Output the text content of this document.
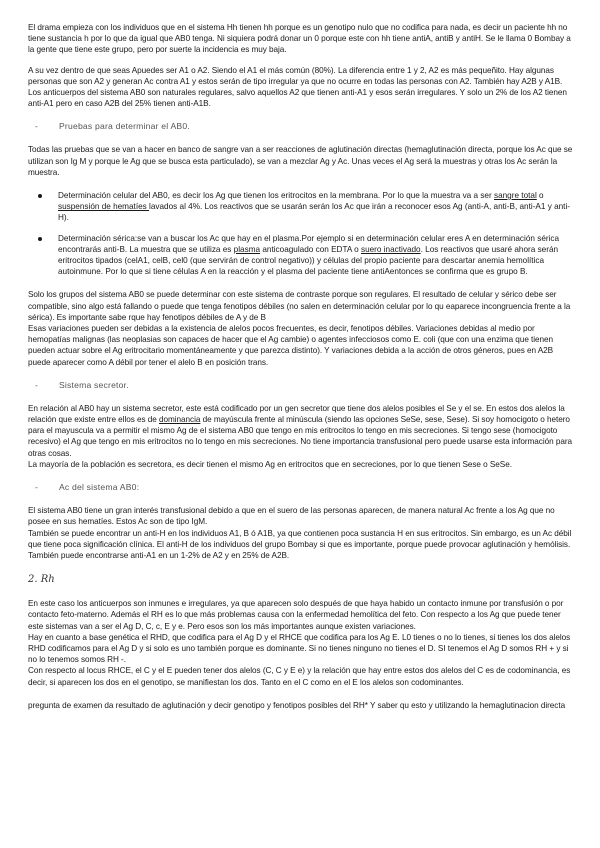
El drama empieza con los individuos que en el sistema Hh tienen hh porque es un genotipo nulo que no codifica para nada, es decir un paciente hh no tiene sustancia h por lo que da igual que AB0 tenga. Ni siquiera podrá donar un 0 porque este con hh tiene antiA, antiB y antiH. Se le llama 0 Bombay a la gente que tiene este grupo, pero por suerte la incidencia es muy baja.

A su vez dentro de que seas Apuedes ser A1 o A2. Siendo el A1 el más común (80%). La diferencia entre 1 y 2, A2 es más pequeñito. Hay algunas personas que son A2 y generan Ac contra A1 y estos serán de tipo irregular ya que no ocurre en todas las personas con A2. También hay A2B y A1B. Los anticuerpos del sistema AB0 son naturales regulares, salvo aquellos A2 que tienen anti-A1 y esos serán irregulares. Y solo un 2% de los A2 tienen anti-A1 pero en caso A2B del 25% tienen anti-A1B.

-	Pruebas para determinar el AB0.

Todas las pruebas que se van a hacer en banco de sangre van a ser reacciones de aglutinación directas (hemaglutinación directa, porque los Ac que se utilizan son Ig M y porque le Ag que se busca esta particulado), se van a mezclar Ag y Ac. Unas veces el Ag será la muestras y otras los Ac serán la muestra.

Determinación celular del AB0, es decir los Ag que tienen los eritrocitos en la membrana. Por lo que la muestra va a ser sangre total o suspensión de hematíes lavados al 4%. Los reactivos que se usarán serán los Ac que irán a reconocer esos Ag (anti-A, anti-B, anti-A1 y anti-H).
Determinación sérica:se van a buscar los Ac que hay en el plasma.Por ejemplo si en determinación celular eres A en determinación sérica encontrarás anti-B. La muestra que se utiliza es plasma anticoagulado con EDTA o suero inactivado. Los reactivos que usaré ahora serán eritrocitos tipados (celA1, celB, cel0 (que servirán de control negativo)) y células del propio paciente para descartar anemia hemolítica autoinmune. Por lo que si tiene células A en la reacción y el plasma del paciente tiene antiAentonces se confirma que es grupo B.

Solo los grupos del sistema AB0 se puede determinar con este sistema de contraste porque son regulares. El resultado de celular y sérico debe ser compatible, sino algo está fallando o puede que tenga fenotipos débiles (no salen en determinación celular por lo qu eaparece incongruencia frente a la sérica). Es importante sabe rque hay fenotipos débiles de A y de B

Esas variaciones pueden ser debidas a la existencia de alelos pocos frecuentes, es decir, fenotipos débiles. Variaciones debidas al medio por hemopatías malignas (las neoplasias son capaces de hacer que el Ag cambie) o agentes infecciosos como E. coli (que con una enzima que tienen pueden actuar sobre el Ag eritrocitario momentáneamente y que parezca distinto). Y variaciones debida a la acción de otros géneros, pues en A2B puede aparecer como A débil por tener el alelo B en posición trans.

-	Sistema secretor.

En relación al AB0 hay un sistema secretor, este está codificado por un gen secretor que tiene dos alelos posibles el Se y el se. En estos dos alelos la relación que existe entre ellos es de dominancia de mayúscula frente al minúscula (siendo las opciones SeSe, sese, Sese). Si soy homocigoto o hetero para el mayuscula va a permitir el mismo Ag de el sistema AB0 que tengo en mis eritrocitos lo tengo en mis secreciones. Si tengo sese (homocigoto recesivo) el Ag que tengo en mis eritrocitos no lo tengo en mis secreciones. No tiene importancia transfusional pero puede usarse esta información para otras cosas.

La mayoría de la población es secretora, es decir tienen el mismo Ag en eritrocitos que en secreciones, por lo que tienen Sese o SeSe.

-	Ac del sistema AB0:

El sistema AB0 tiene un gran interés transfusional debido a que en el suero de las personas aparecen, de manera natural Ac frente a los Ag que no posee en sus hematíes. Estos Ac son de tipo IgM.

También se puede encontrar un anti-H en los individuos A1, B ó A1B, ya que contienen poca sustancia H en sus eritrocitos. Sin embargo, es un Ac débil que tiene poca significación clínica. El anti-H de los individuos del grupo Bombay si que es importante, porque puede provocar aglutinación y hemólisis. También puede encontrarse anti-A1 en un 1-2% de A2 y en 25% de A2B.

2. Rh

En este caso los anticuerpos son inmunes e irregulares, ya que aparecen solo después de que haya habido un contacto inmune por transfusión o por contacto feto-materno. Además el RH es lo que más problemas causa con la enfermedad hemolítica del feto. Con respecto a los Ag que puede tener este sistemas van a ser el Ag D, C, c, E y e. Pero esos son los más importantes aunque existen variaciones.

Hay en cuanto a base genética el RHD, que codifica para el Ag D y el RHCE que codifica para los Ag E. L0 tienes o no lo tienes, si tienes los dos alelos RHD codificamos para el Ag D y si solo es uno también porque es dominante. Si no tienes ninguno no tienes el D. SI tenemos el Ag D somos RH + y si no lo tenemos somos RH -.

Con respecto al locus RHCE, el C y el E pueden tener dos alelos (C, C y E e) y la relación que hay entre estos dos alelos del C es de codominancia, es decir, si aparecen los dos en el genotipo, se manifiestan los dos. Tanto en el C como en el E los alelos son codominantes.

pregunta de examen da resultado de aglutinación y decir genotipo y fenotipos posibles del RH* Y saber qu esto y utilizando la hemaglutinacion directa
